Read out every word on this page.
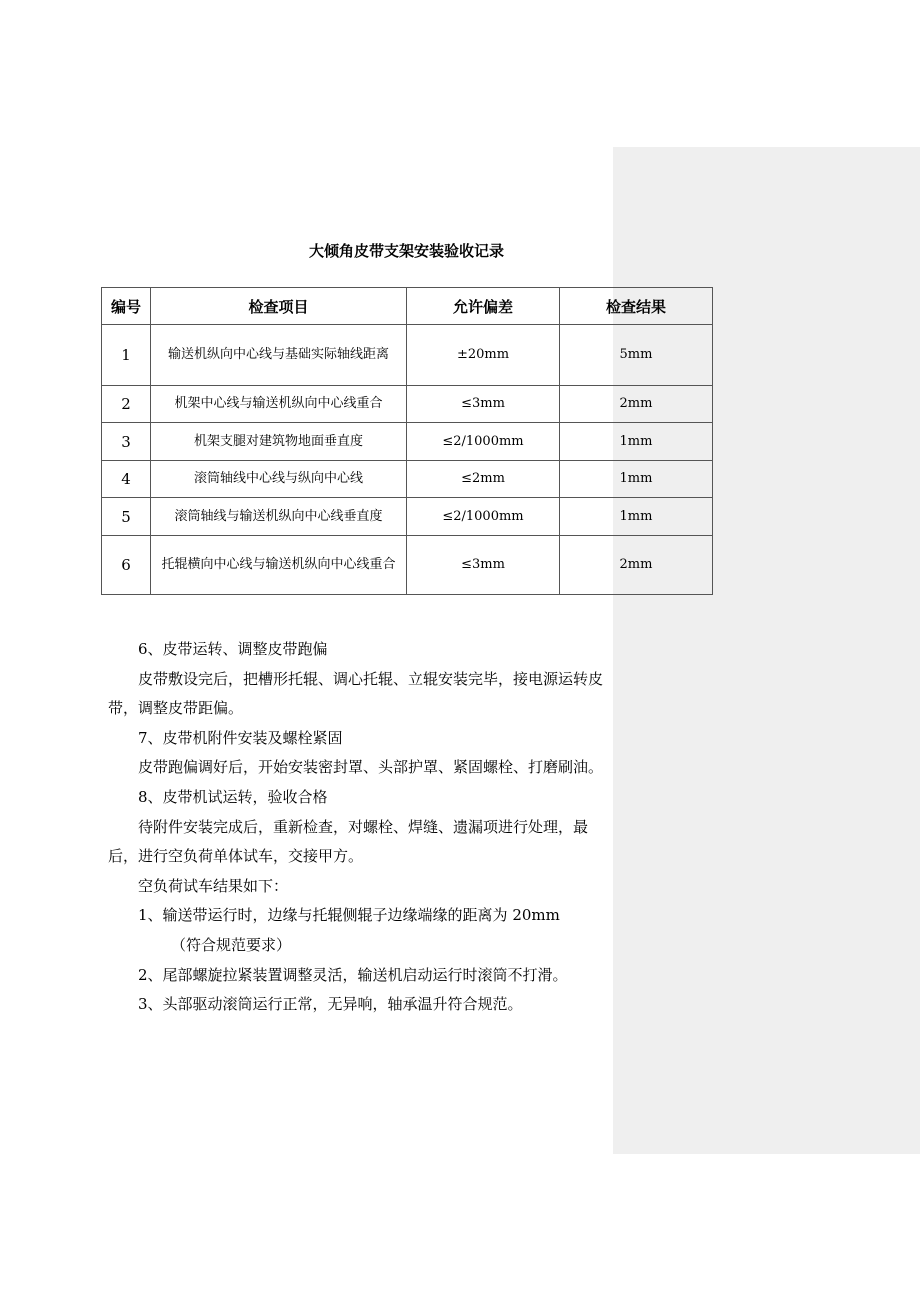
大倾角皮带支架安装验收记录
编号	检查项目	允许偏差	检查结果
1	输送机纵向中心线与基础实际轴线距离	±20mm	5mm
2	机架中心线与输送机纵向中心线重合	≤3mm	2mm
3	机架支腿对建筑物地面垂直度	≤2/1000mm	1mm
4	滚筒轴线中心线与纵向中心线	≤2mm	1mm
5	滚筒轴线与输送机纵向中心线垂直度	≤2/1000mm	1mm
6	托辊横向中心线与输送机纵向中心线重合	≤3mm	2mm

6、皮带运转、调整皮带跑偏

皮带敷设完后，把槽形托辊、调心托辊、立辊安装完毕，接电源运转皮带，调整皮带距偏。

7、皮带机附件安装及螺栓紧固

皮带跑偏调好后，开始安装密封罩、头部护罩、紧固螺栓、打磨刷油。

8、皮带机试运转，验收合格

待附件安装完成后，重新检查，对螺栓、焊缝、遗漏项进行处理，最后，进行空负荷单体试车，交接甲方。

空负荷试车结果如下：

1、输送带运行时，边缘与托辊侧辊子边缘端缘的距离为 20mm
（符合规范要求）

2、尾部螺旋拉紧装置调整灵活，输送机启动运行时滚筒不打滑。

3、头部驱动滚筒运行正常，无异响，轴承温升符合规范。
